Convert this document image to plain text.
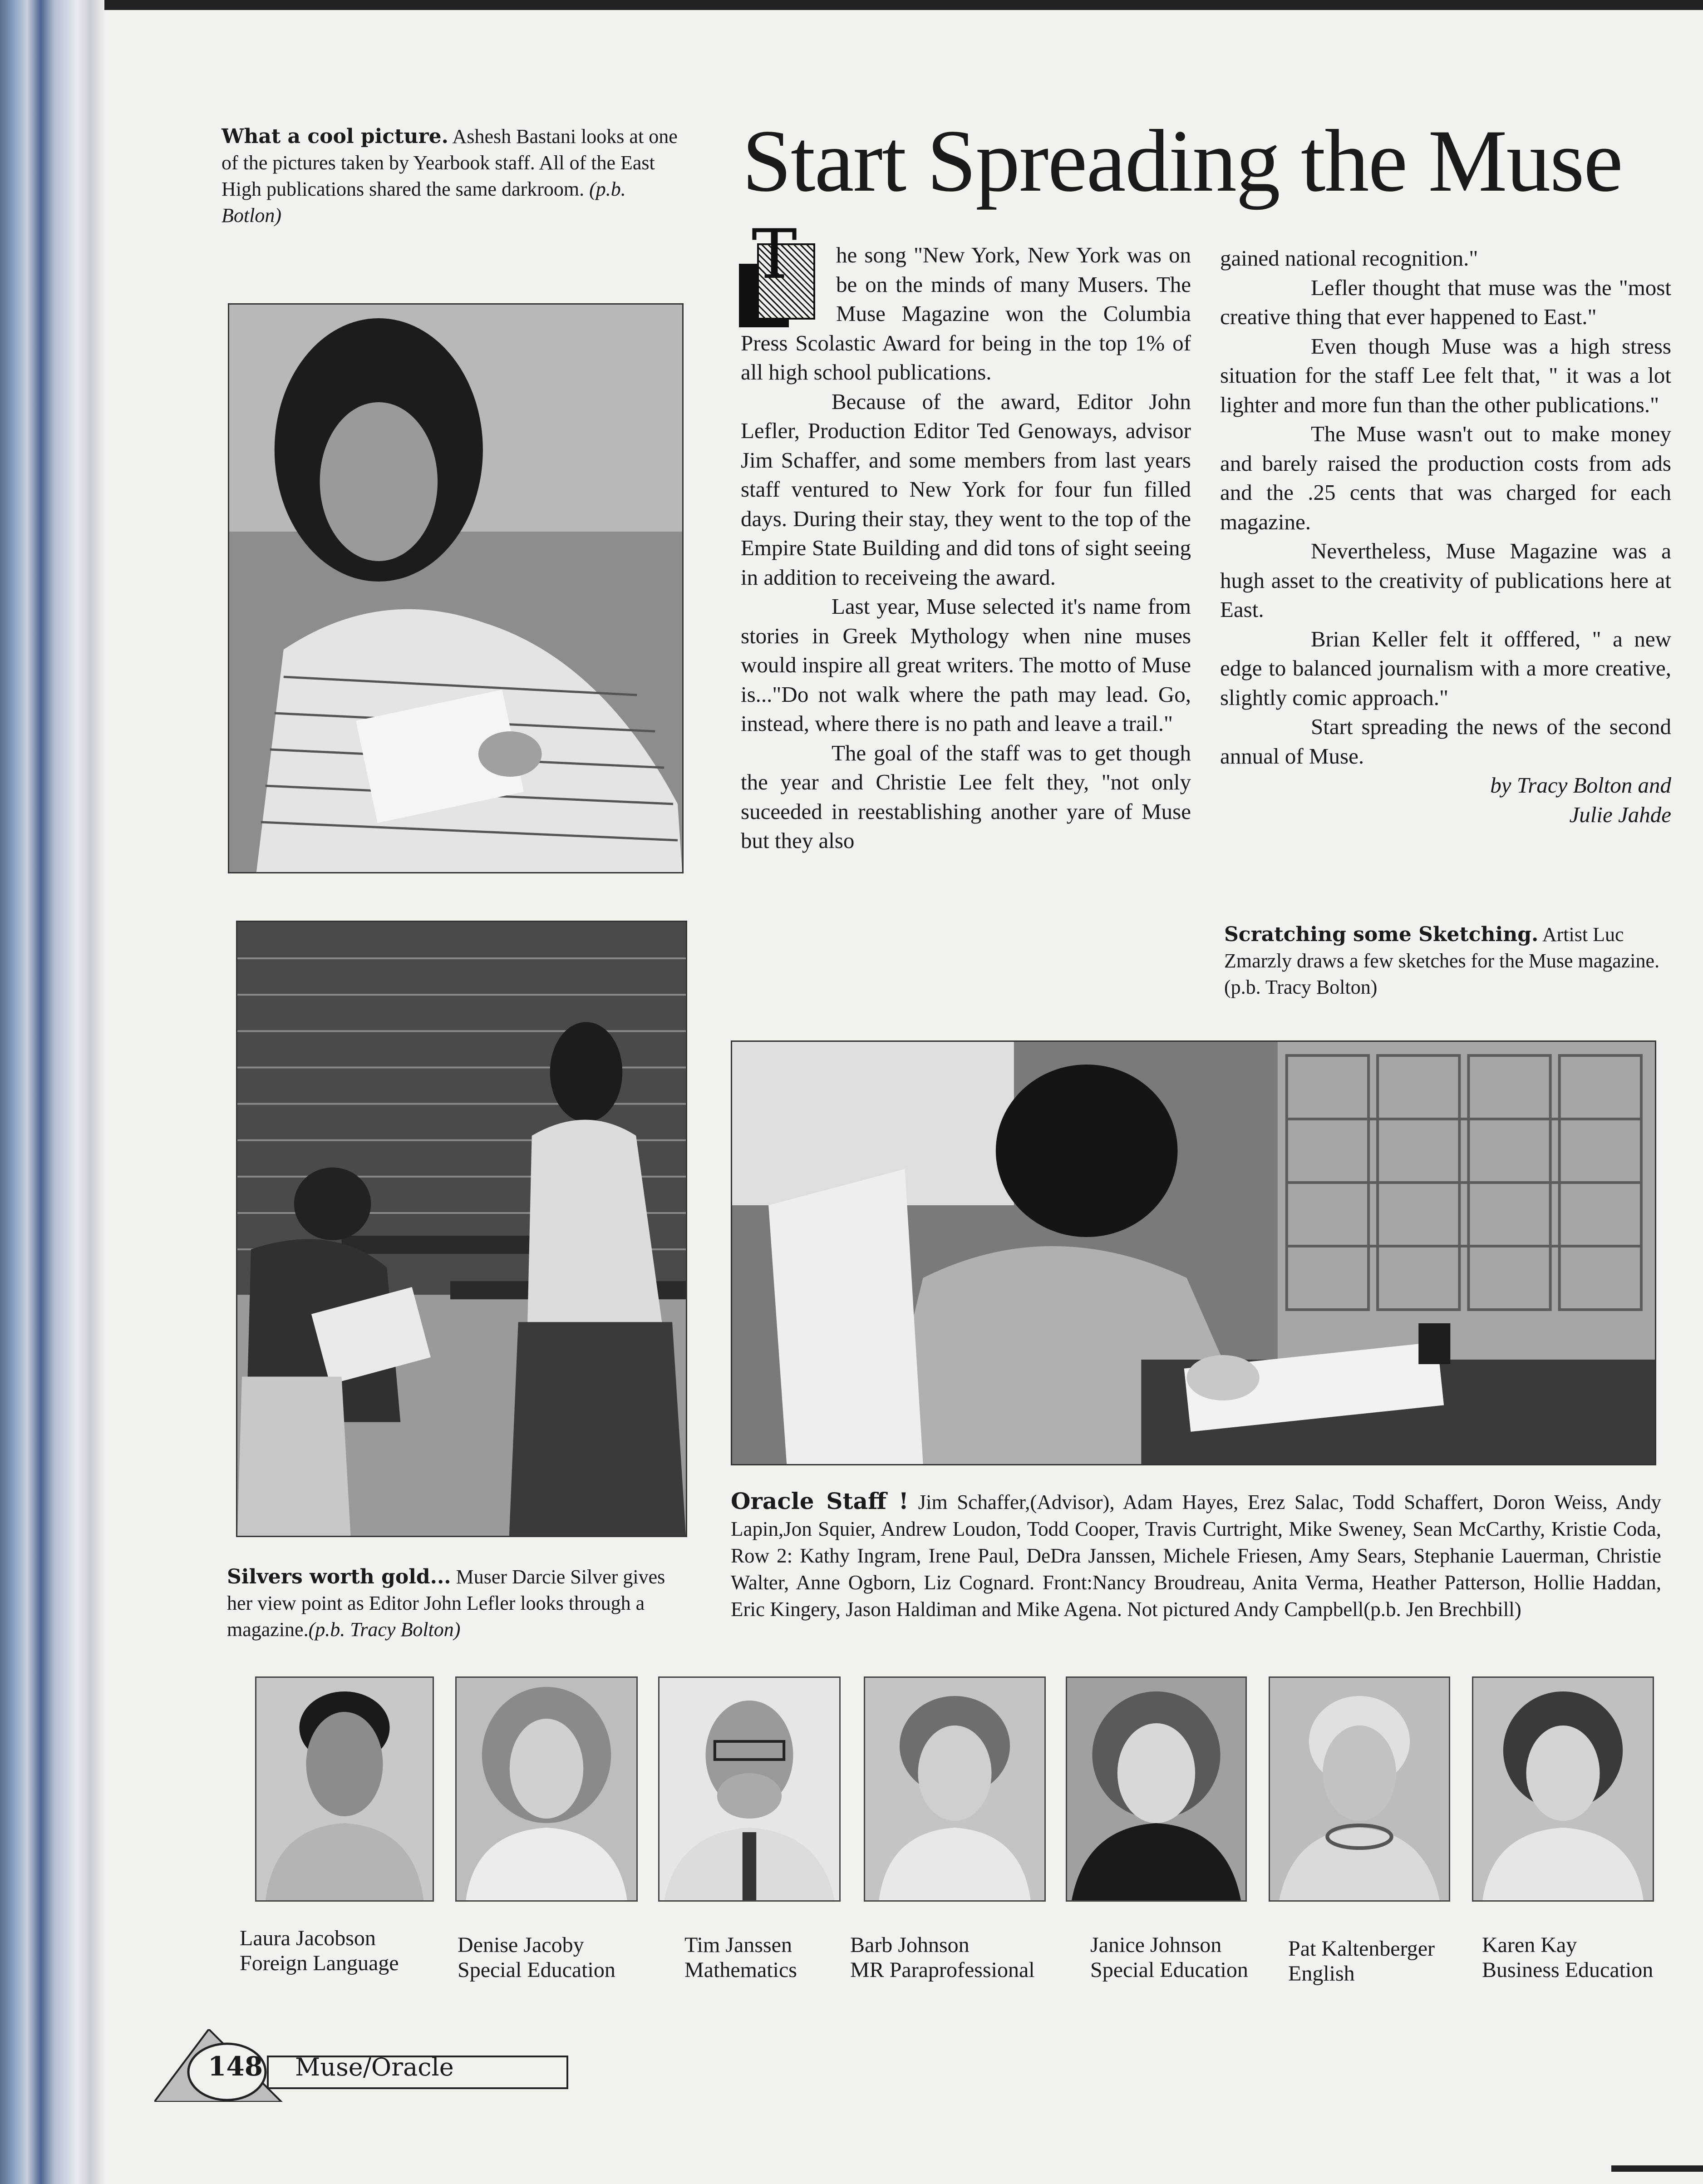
What a cool picture. Ashesh Bastani looks at one of the pictures taken by Yearbook staff. All of the East High publications shared the same darkroom. (p.b. Botlon)
Start Spreading the Muse
Silvers worth gold... Muser Darcie Silver gives her view point as Editor John Lefler looks through a magazine.(p.b. Tracy Bolton)
T	he song "New York, New York was on be on the minds of many Musers. The Muse Magazine won the Columbia Press Scolastic Award for being in the top 1% of all high school publications.

Because of the award, Editor John Lefler, Production Editor Ted Genoways, advisor Jim Schaffer, and some members from last years staff ventured to New York for four fun filled days. During their stay, they went to the top of the Empire State Building and did tons of sight seeing in addition to receiveing the award.

Last year, Muse selected it's name from stories in Greek Mythology when nine muses would inspire all great writers. The motto of Muse is..."Do not walk where the path may lead. Go, instead, where there is no path and leave a trail."

The goal of the staff was to get though the year and Christie Lee felt they, "not only suceeded in reestablishing another yare of Muse but they also

gained national recognition."

Lefler thought that muse was the "most creative thing that ever happened to East."

Even though Muse was a high stress situation for the staff Lee felt that, " it was a lot lighter and more fun than the other publications."

The Muse wasn't out to make money and barely raised the production costs from ads and the .25 cents that was charged for each magazine.

Nevertheless, Muse Magazine was a hugh asset to the creativity of publications here at East.

Brian Keller felt it offfered, " a new edge to balanced journalism with a more creative, slightly comic approach."

Start spreading the news of the second annual of Muse.

by Tracy Bolton and
Julie Jahde
Scratching some Sketching. Artist Luc Zmarzly draws a few sketches for the Muse magazine. (p.b. Tracy Bolton)
Oracle Staff ! Jim Schaffer,(Advisor), Adam Hayes, Erez Salac, Todd Schaffert, Doron Weiss, Andy Lapin,Jon Squier, Andrew Loudon, Todd Cooper, Travis Curtright, Mike Sweney, Sean McCarthy, Kristie Coda, Row 2: Kathy Ingram, Irene Paul, DeDra Janssen, Michele Friesen, Amy Sears, Stephanie Lauerman, Christie Walter, Anne Ogborn, Liz Cognard. Front:Nancy Broudreau, Anita Verma, Heather Patterson, Hollie Haddan, Eric Kingery, Jason Haldiman and Mike Agena. Not pictured Andy Campbell(p.b. Jen Brechbill)
Laura Jacobson
Foreign Language
Denise Jacoby
Special Education
Tim Janssen
Mathematics
Barb Johnson
MR Paraprofessional
Janice Johnson
Special Education
Pat Kaltenberger
English
Karen Kay
Business Education
148 Muse/Oracle
